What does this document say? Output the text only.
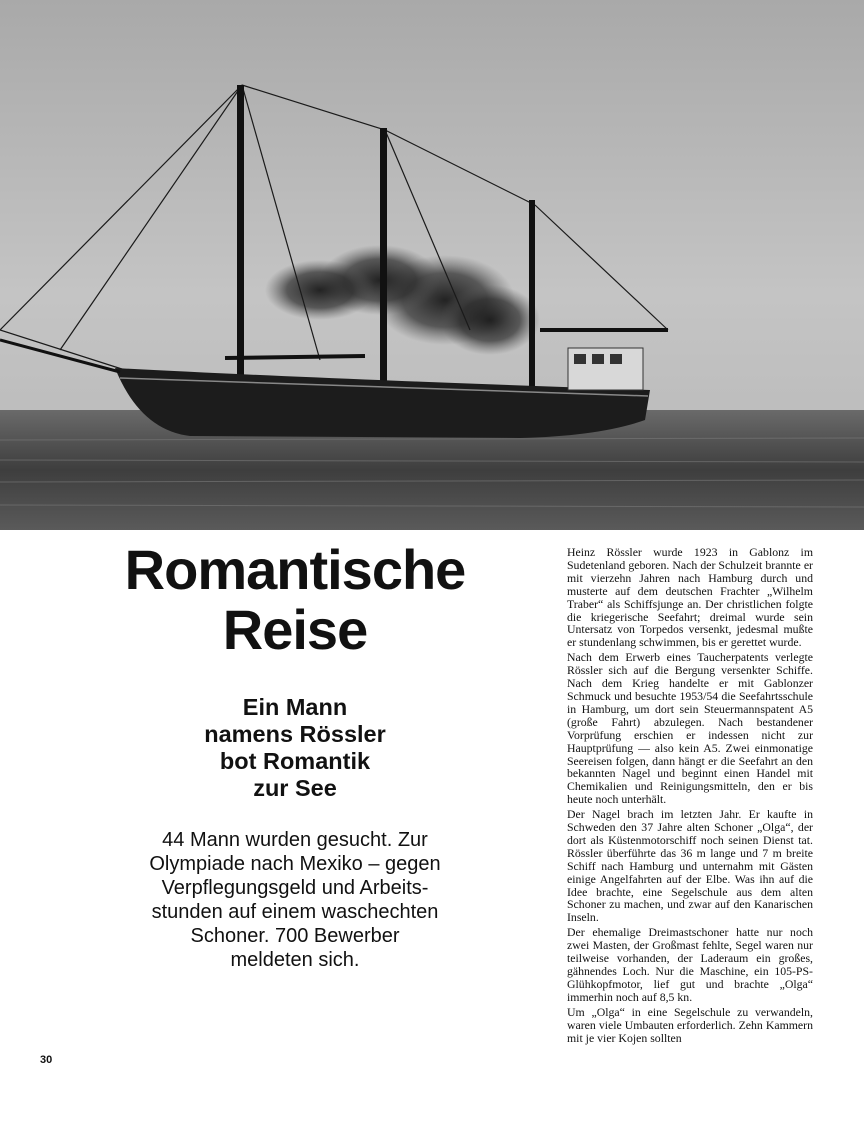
Romantische
Reise
Ein Mann
namens Rössler
bot Romantik
zur See

44 Mann wurden gesucht. Zur
Olympiade nach Mexiko – gegen
Verpflegungsgeld und Arbeits-
stunden auf einem waschechten
Schoner. 700 Bewerber
meldeten sich.

Heinz Rössler wurde 1923 in Gablonz im Sudetenland geboren. Nach der Schulzeit brannte er mit vierzehn Jahren nach Hamburg durch und musterte auf dem deutschen Frachter „Wilhelm Traber“ als Schiffsjunge an. Der christlichen folgte die kriegerische Seefahrt; dreimal wurde sein Untersatz von Torpedos versenkt, jedesmal mußte er stundenlang schwimmen, bis er gerettet wurde.

Nach dem Erwerb eines Taucherpatents verlegte Rössler sich auf die Bergung versenkter Schiffe. Nach dem Krieg handelte er mit Gablonzer Schmuck und besuchte 1953/54 die Seefahrtsschule in Hamburg, um dort sein Steuermannspatent A5 (große Fahrt) abzulegen. Nach bestandener Vorprüfung erschien er indessen nicht zur Hauptprüfung — also kein A5. Zwei einmonatige Seereisen folgen, dann hängt er die Seefahrt an den bekannten Nagel und beginnt einen Handel mit Chemikalien und Reinigungsmitteln, den er bis heute noch unterhält.

Der Nagel brach im letzten Jahr. Er kaufte in Schweden den 37 Jahre alten Schoner „Olga“, der dort als Küstenmotorschiff noch seinen Dienst tat. Rössler überführte das 36 m lange und 7 m breite Schiff nach Hamburg und unternahm mit Gästen einige Angelfahrten auf der Elbe. Was ihn auf die Idee brachte, eine Segelschule aus dem alten Schoner zu machen, und zwar auf den Kanarischen Inseln.

Der ehemalige Dreimastschoner hatte nur noch zwei Masten, der Großmast fehlte, Segel waren nur teilweise vorhanden, der Laderaum ein großes, gähnendes Loch. Nur die Maschine, ein 105-PS-Glühkopfmotor, lief gut und brachte „Olga“ immerhin noch auf 8,5 kn.

Um „Olga“ in eine Segelschule zu verwandeln, waren viele Umbauten erforderlich. Zehn Kammern mit je vier Kojen sollten

30
